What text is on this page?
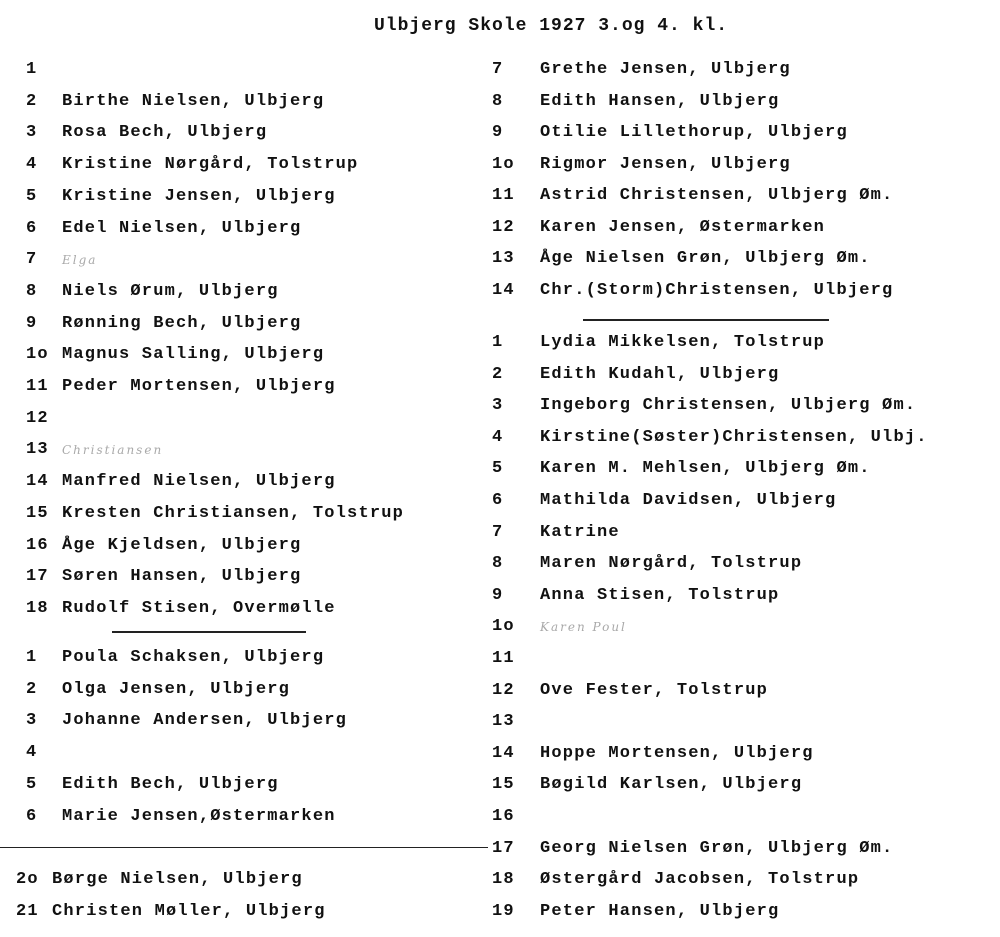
Ulbjerg Skole 1927 3.og 4. kl.
1
2	Birthe Nielsen, Ulbjerg
3	Rosa Bech, Ulbjerg
4	Kristine Nørgård, Tolstrup
5	Kristine Jensen, Ulbjerg
6	Edel Nielsen, Ulbjerg
7	Elga
8	Niels Ørum, Ulbjerg
9	Rønning Bech, Ulbjerg
1o Magnus Salling, Ulbjerg
11 Peder Mortensen, Ulbjerg
12
13	Christiansen
14 Manfred Nielsen, Ulbjerg
15 Kresten Christiansen, Tolstrup
16 Åge Kjeldsen, Ulbjerg
17 Søren Hansen, Ulbjerg
18 Rudolf Stisen, Overmølle
1	Poula Schaksen, Ulbjerg
2	Olga Jensen, Ulbjerg
3	Johanne Andersen, Ulbjerg
4
5	Edith Bech, Ulbjerg
6	Marie Jensen,Østermarken
2o Børge Nielsen, Ulbjerg
21 Christen Møller, Ulbjerg
7	Grethe Jensen, Ulbjerg
8	Edith Hansen, Ulbjerg
9	Otilie Lillethorup, Ulbjerg
1o	Rigmor Jensen, Ulbjerg
11	Astrid Christensen, Ulbjerg Øm.
12	Karen Jensen, Østermarken
13	Åge Nielsen Grøn, Ulbjerg Øm.
14	Chr.(Storm)Christensen, Ulbjerg
1	Lydia Mikkelsen, Tolstrup
2	Edith Kudahl, Ulbjerg
3	Ingeborg Christensen, Ulbjerg Øm.
4	Kirstine(Søster)Christensen, Ulbj.
5	Karen M. Mehlsen, Ulbjerg Øm.
6	Mathilda Davidsen, Ulbjerg
7	Katrine
8	Maren Nørgård, Tolstrup
9	Anna Stisen, Tolstrup
1o	Karen Poul
11
12	Ove Fester, Tolstrup
13
14	Hoppe Mortensen, Ulbjerg
15	Bøgild Karlsen, Ulbjerg
16
17	Georg Nielsen Grøn, Ulbjerg Øm.
18	Østergård Jacobsen, Tolstrup
19	Peter Hansen, Ulbjerg
